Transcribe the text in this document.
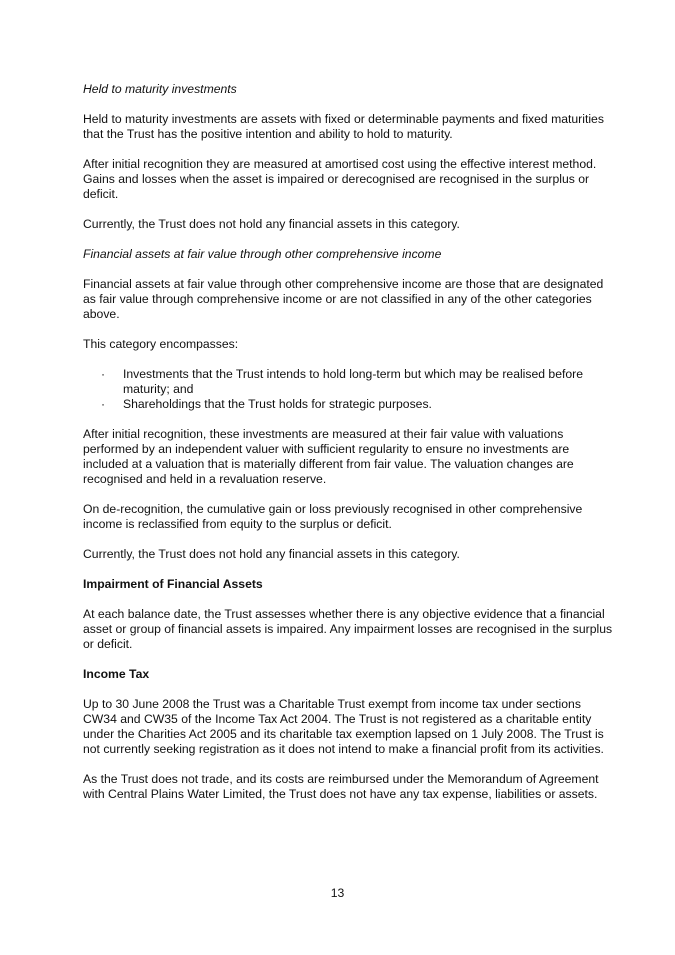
Held to maturity investments

Held to maturity investments are assets with fixed or determinable payments and fixed maturities that the Trust has the positive intention and ability to hold to maturity.

After initial recognition they are measured at amortised cost using the effective interest method. Gains and losses when the asset is impaired or derecognised are recognised in the surplus or deficit.

Currently, the Trust does not hold any financial assets in this category.

Financial assets at fair value through other comprehensive income

Financial assets at fair value through other comprehensive income are those that are designated as fair value through comprehensive income or are not classified in any of the other categories above.

This category encompasses:

· Investments that the Trust intends to hold long-term but which may be realised before maturity; and
· Shareholdings that the Trust holds for strategic purposes.

After initial recognition, these investments are measured at their fair value with valuations performed by an independent valuer with sufficient regularity to ensure no investments are included at a valuation that is materially different from fair value. The valuation changes are recognised and held in a revaluation reserve.

On de-recognition, the cumulative gain or loss previously recognised in other comprehensive income is reclassified from equity to the surplus or deficit.

Currently, the Trust does not hold any financial assets in this category.

Impairment of Financial Assets

At each balance date, the Trust assesses whether there is any objective evidence that a financial asset or group of financial assets is impaired. Any impairment losses are recognised in the surplus or deficit.

Income Tax

Up to 30 June 2008 the Trust was a Charitable Trust exempt from income tax under sections CW34 and CW35 of the Income Tax Act 2004. The Trust is not registered as a charitable entity under the Charities Act 2005 and its charitable tax exemption lapsed on 1 July 2008. The Trust is not currently seeking registration as it does not intend to make a financial profit from its activities.

As the Trust does not trade, and its costs are reimbursed under the Memorandum of Agreement with Central Plains Water Limited, the Trust does not have any tax expense, liabilities or assets.

13
